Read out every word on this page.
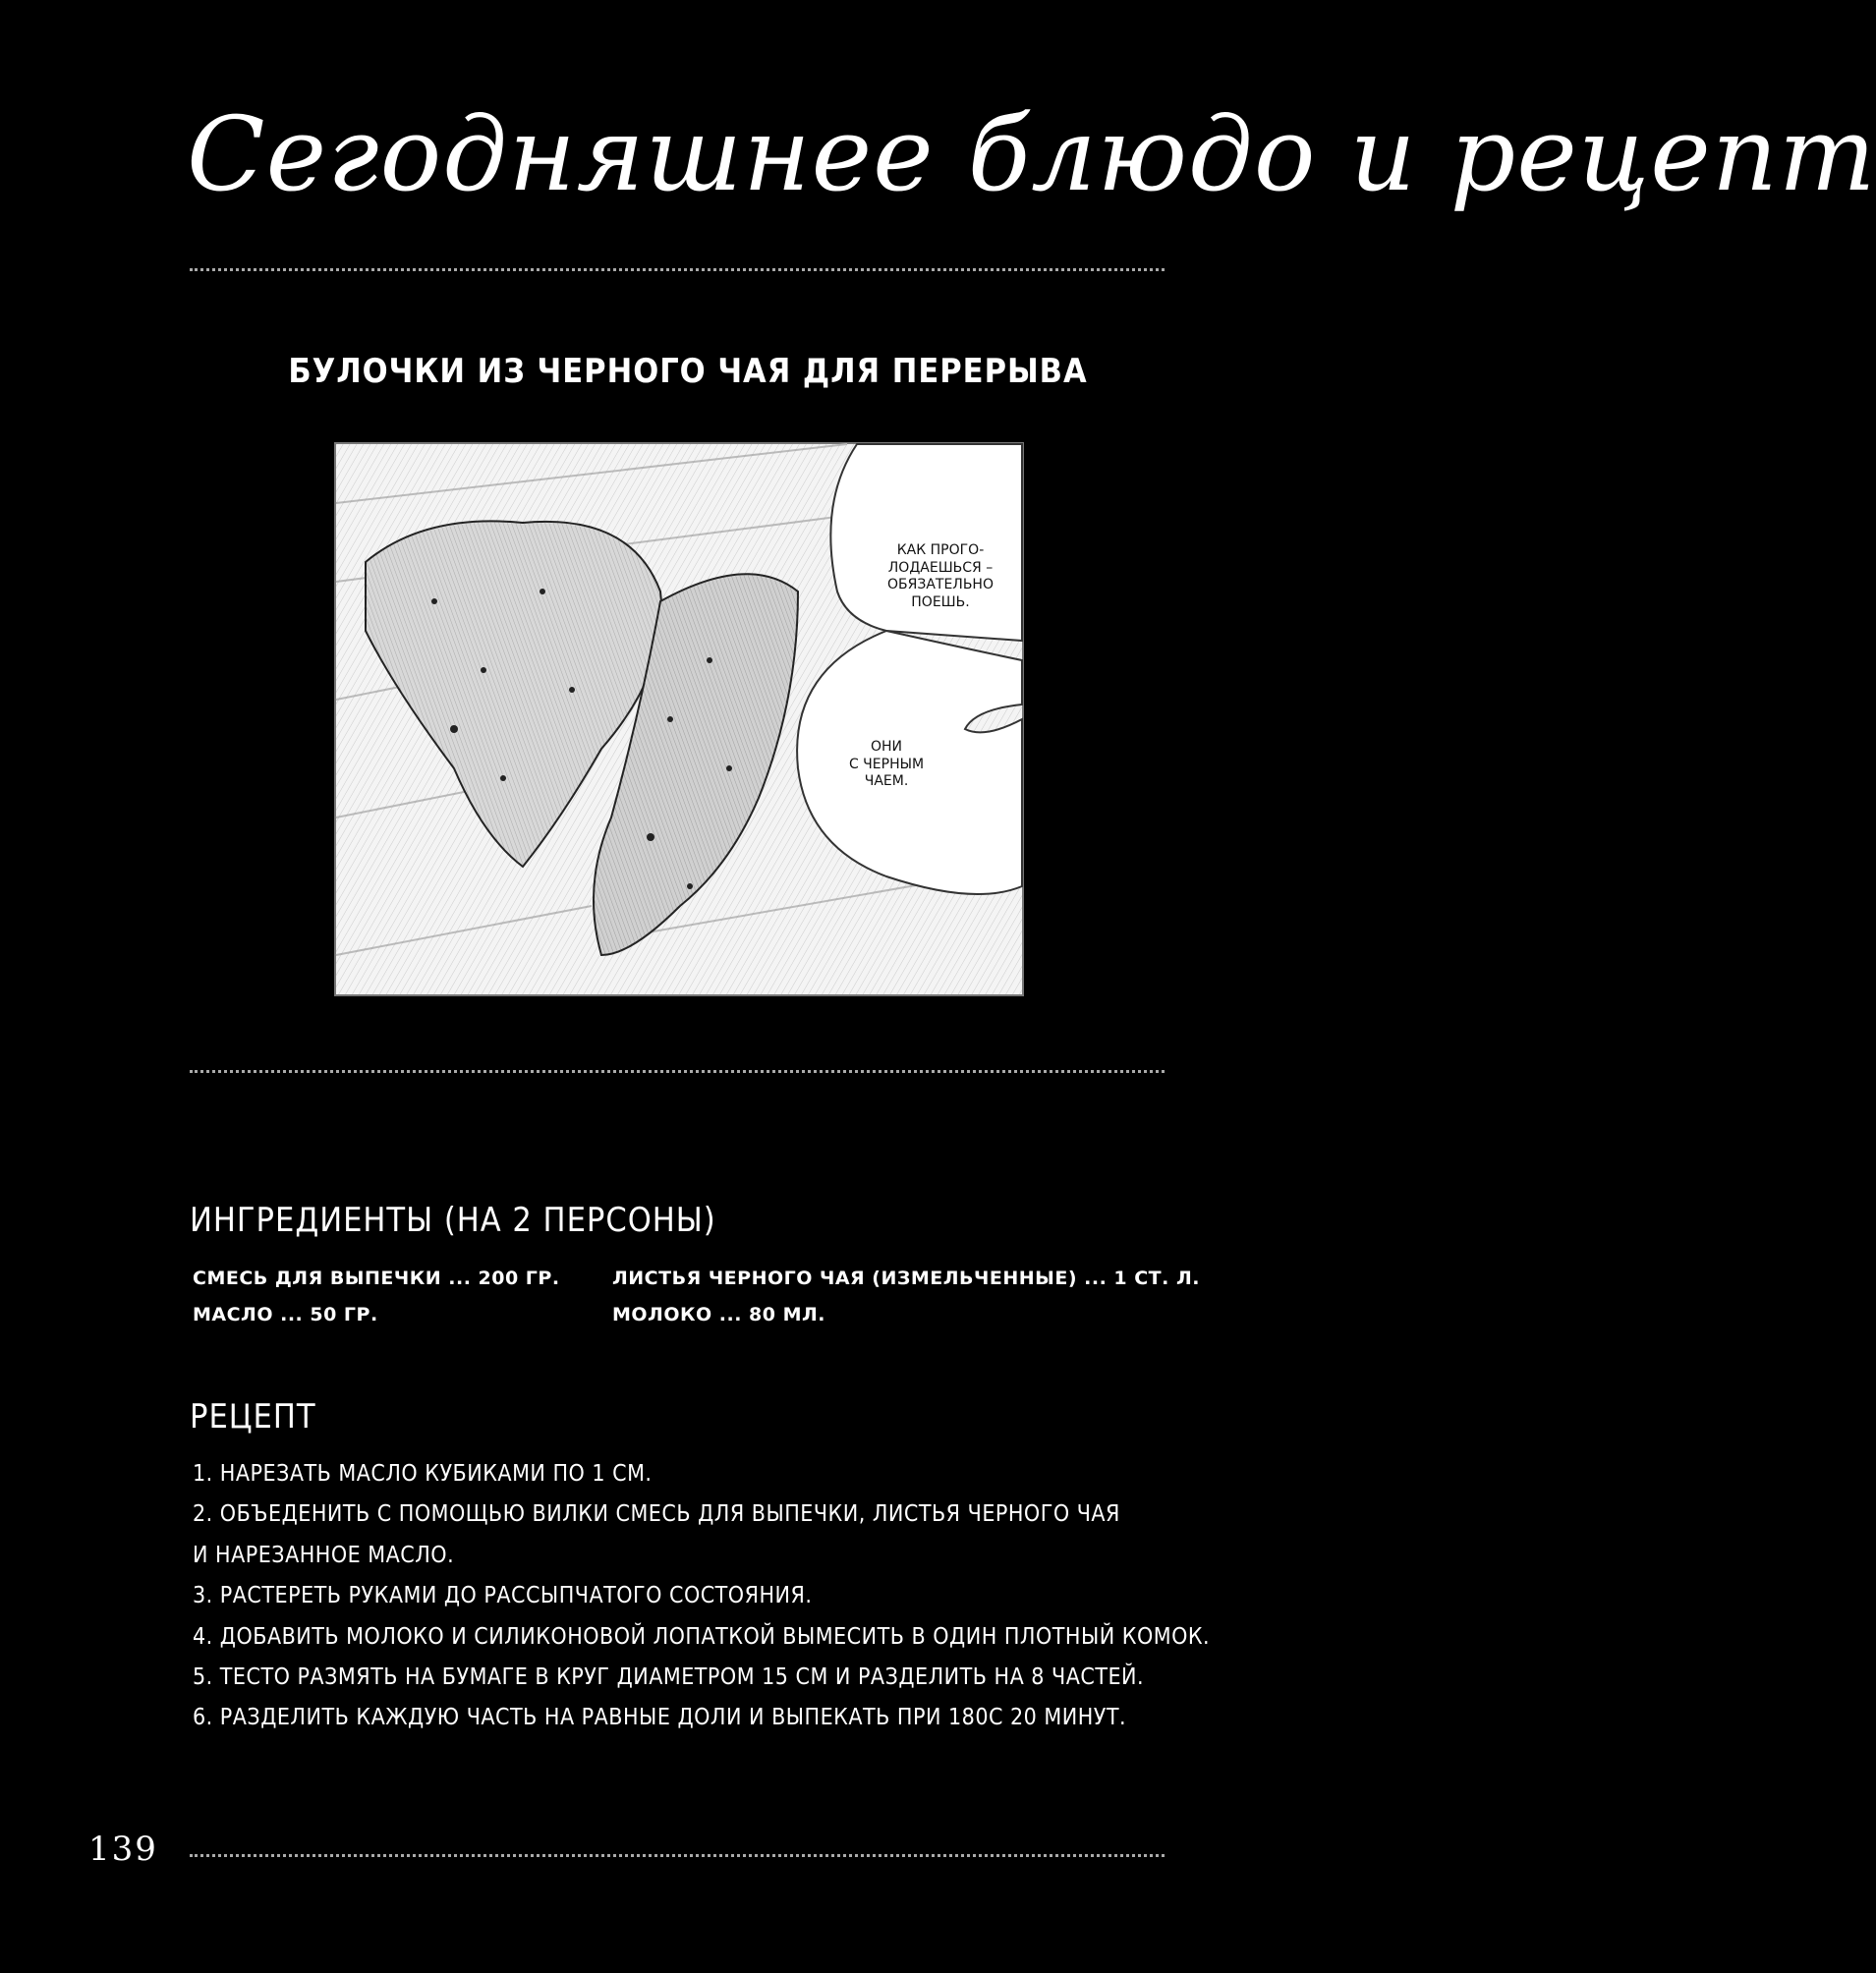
Сегодняшнее блюдо и рецепт
БУЛОЧКИ ИЗ ЧЕРНОГО ЧАЯ ДЛЯ ПЕРЕРЫВА
КАК ПРОГО-
ЛОДАЕШЬСЯ –
ОБЯЗАТЕЛЬНО
ПОЕШЬ.
ОНИ
С ЧЕРНЫМ
ЧАЕМ.
ИНГРЕДИЕНТЫ (НА 2 ПЕРСОНЫ)
СМЕСЬ ДЛЯ ВЫПЕЧКИ ... 200 ГР.	ЛИСТЬЯ ЧЕРНОГО ЧАЯ (ИЗМЕЛЬЧЕННЫЕ) ... 1 СТ. Л.
МАСЛО ... 50 ГР.	МОЛОКО ... 80 МЛ.
РЕЦЕПТ
1. НАРЕЗАТЬ МАСЛО КУБИКАМИ ПО 1 СМ.
2. ОБЪЕДЕНИТЬ С ПОМОЩЬЮ ВИЛКИ СМЕСЬ ДЛЯ ВЫПЕЧКИ, ЛИСТЬЯ ЧЕРНОГО ЧАЯ
И НАРЕЗАННОЕ МАСЛО.
3. РАСТЕРЕТЬ РУКАМИ ДО РАССЫПЧАТОГО СОСТОЯНИЯ.
4. ДОБАВИТЬ МОЛОКО И СИЛИКОНОВОЙ ЛОПАТКОЙ ВЫМЕСИТЬ В ОДИН ПЛОТНЫЙ КОМОК.
5. ТЕСТО РАЗМЯТЬ НА БУМАГЕ В КРУГ ДИАМЕТРОМ 15 СМ И РАЗДЕЛИТЬ НА 8 ЧАСТЕЙ.
6. РАЗДЕЛИТЬ КАЖДУЮ ЧАСТЬ НА РАВНЫЕ ДОЛИ И ВЫПЕКАТЬ ПРИ 180С 20 МИНУТ.
139
